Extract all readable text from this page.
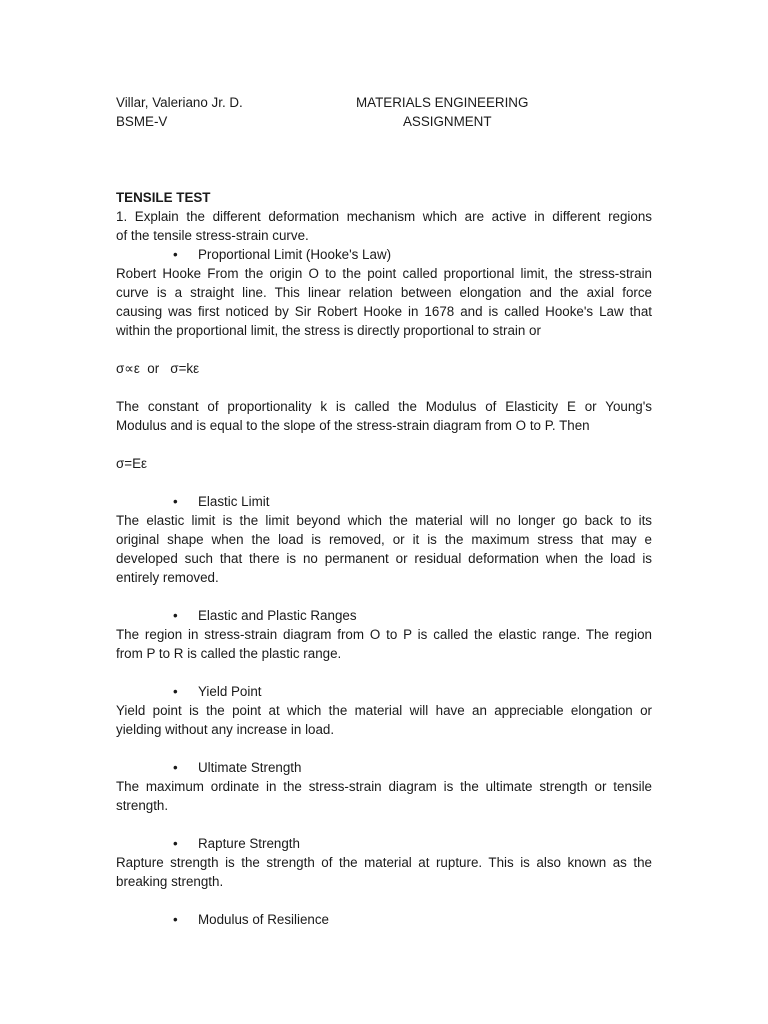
Villar, Valeriano Jr. D.
BSME-V
MATERIALS ENGINEERING
ASSIGNMENT
TENSILE TEST
1. Explain the different deformation mechanism which are active in different regions
of the tensile stress-strain curve.
• Proportional Limit (Hooke's Law)
Robert Hooke From the origin O to the point called proportional limit, the stress-strain
curve is a straight line. This linear relation between elongation and the axial force
causing was first noticed by Sir Robert Hooke in 1678 and is called Hooke's Law that
within the proportional limit, the stress is directly proportional to strain or
σ∝ε  or   σ=kε
The constant of proportionality k is called the Modulus of Elasticity E or Young's
Modulus and is equal to the slope of the stress-strain diagram from O to P. Then
σ=Eε
• Elastic Limit
The elastic limit is the limit beyond which the material will no longer go back to its
original shape when the load is removed, or it is the maximum stress that may e
developed such that there is no permanent or residual deformation when the load is
entirely removed.
• Elastic and Plastic Ranges
The region in stress-strain diagram from O to P is called the elastic range. The region
from P to R is called the plastic range.
• Yield Point
Yield point is the point at which the material will have an appreciable elongation or
yielding without any increase in load.
• Ultimate Strength
The maximum ordinate in the stress-strain diagram is the ultimate strength or tensile
strength.
• Rapture Strength
Rapture strength is the strength of the material at rupture. This is also known as the
breaking strength.
• Modulus of Resilience
